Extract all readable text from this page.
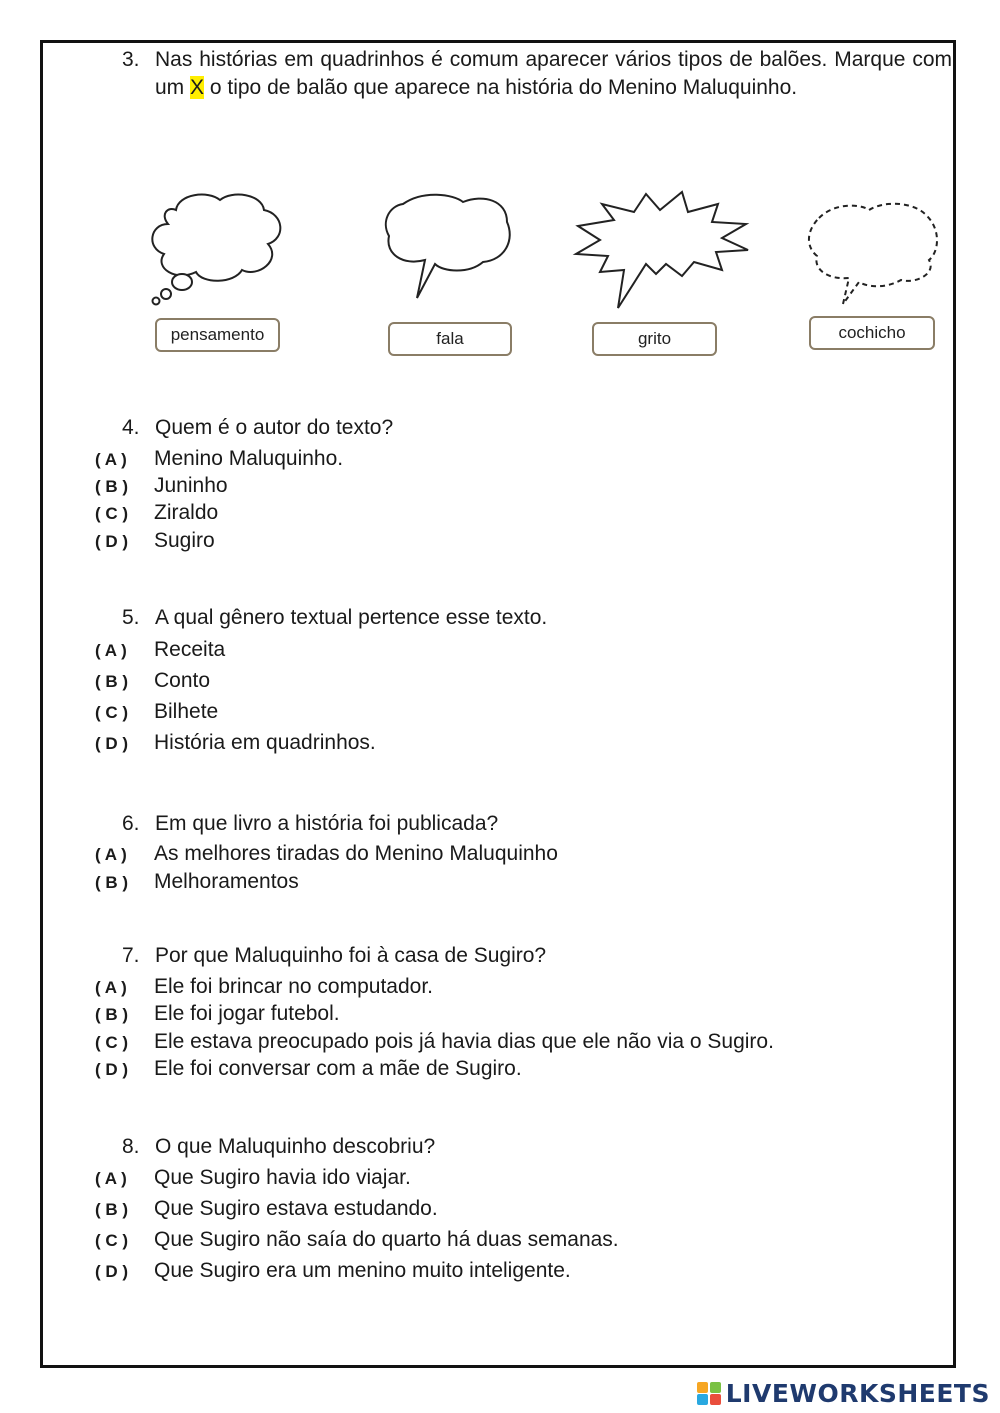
3. Nas histórias em quadrinhos é comum aparecer vários tipos de balões. Marque com um X o tipo de balão que aparece na história do Menino Maluquinho.
pensamento	fala	grito	cochicho
4. Quem é o autor do texto?
( A ) Menino Maluquinho.
( B ) Juninho
( C ) Ziraldo
( D ) Sugiro
5. A qual gênero textual pertence esse texto.
( A ) Receita
( B ) Conto
( C ) Bilhete
( D ) História em quadrinhos.
6. Em que livro a história foi publicada?
( A ) As melhores tiradas do Menino Maluquinho
( B ) Melhoramentos
7. Por que Maluquinho foi à casa de Sugiro?
( A ) Ele foi brincar no computador.
( B ) Ele foi jogar futebol.
( C ) Ele estava preocupado pois já havia dias que ele não via o Sugiro.
( D ) Ele foi conversar com a mãe de Sugiro.
8. O que Maluquinho descobriu?
( A ) Que Sugiro havia ido viajar.
( B ) Que Sugiro estava estudando.
( C ) Que Sugiro não saía do quarto há duas semanas.
( D ) Que Sugiro era um menino muito inteligente.
LIVEWORKSHEETS
